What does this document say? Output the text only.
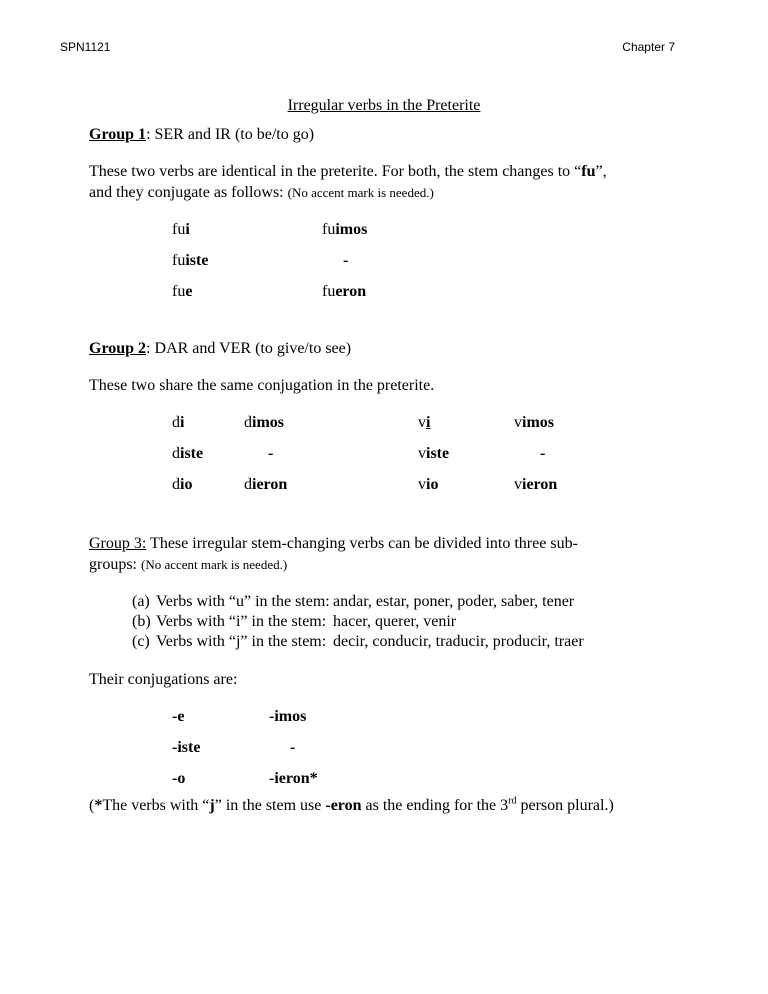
SPN1121	Chapter 7
Irregular verbs in the Preterite
Group 1: SER and IR (to be/to go)
These two verbs are identical in the preterite. For both, the stem changes to “fu”,
and they conjugate as follows: (No accent mark is needed.)
fui	fuimos
fuiste	-
fue	fueron
Group 2: DAR and VER (to give/to see)
These two share the same conjugation in the preterite.
di	dimos
diste	-
dio	dieron
vi	vimos
viste	-
vio	vieron
Group 3: These irregular stem-changing verbs can be divided into three sub-
groups: (No accent mark is needed.)
(a) Verbs with “u” in the stem: andar, estar, poner, poder, saber, tener
(b) Verbs with “i” in the stem: hacer, querer, venir
(c) Verbs with “j” in the stem: decir, conducir, traducir, producir, traer
Their conjugations are:
-e	-imos
-iste	-
-o	-ieron*
(*The verbs with “j” in the stem use -eron as the ending for the 3rd person plural.)
